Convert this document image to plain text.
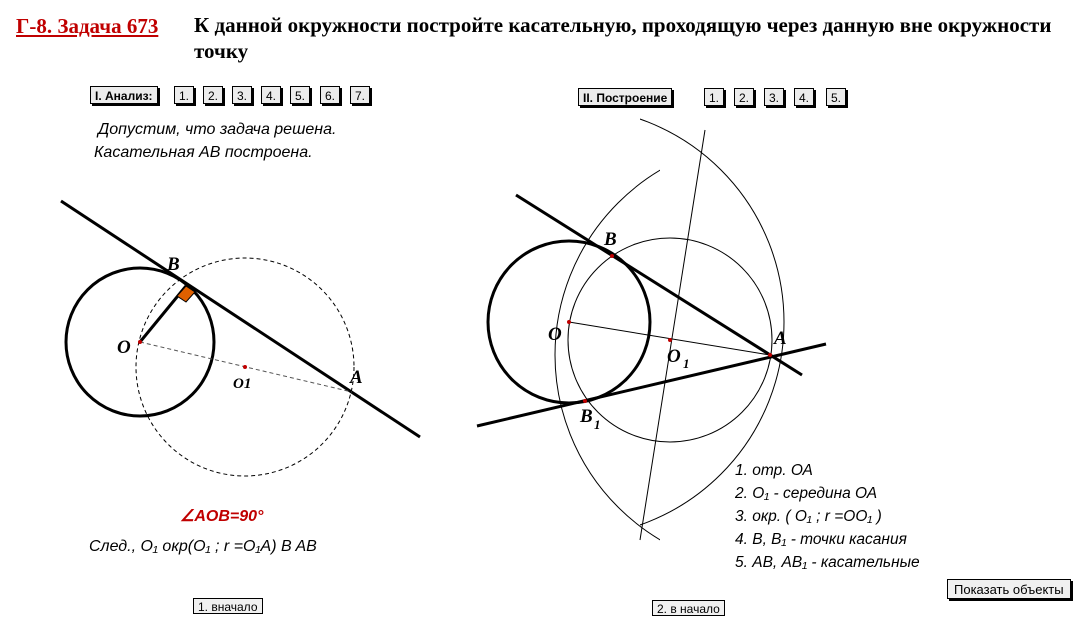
Г-8. Задача 673 К данной окружности постройте касательную, проходящую через данную вне окружности точку
I. Анализ:	1.	2.	3.	4.	5.	6.	7.	II. Построение	1.	2.	3.	4.	5.
Допустим, что задача решена.
Касательная АВ построена.
B
O
O1	A
B
O
O 1
A
B 1
∠AOB=90°
След., O₁ окр(O₁ ; r =O₁A) B AB
1. отр. ОА
2. O₁ - середина ОА
3. окр. ( O₁ ; r =OO₁ )
4. В, В₁ - точки касания
5. АВ, АВ₁ - касательные
Показать объекты
1. вначало	2. в начало
